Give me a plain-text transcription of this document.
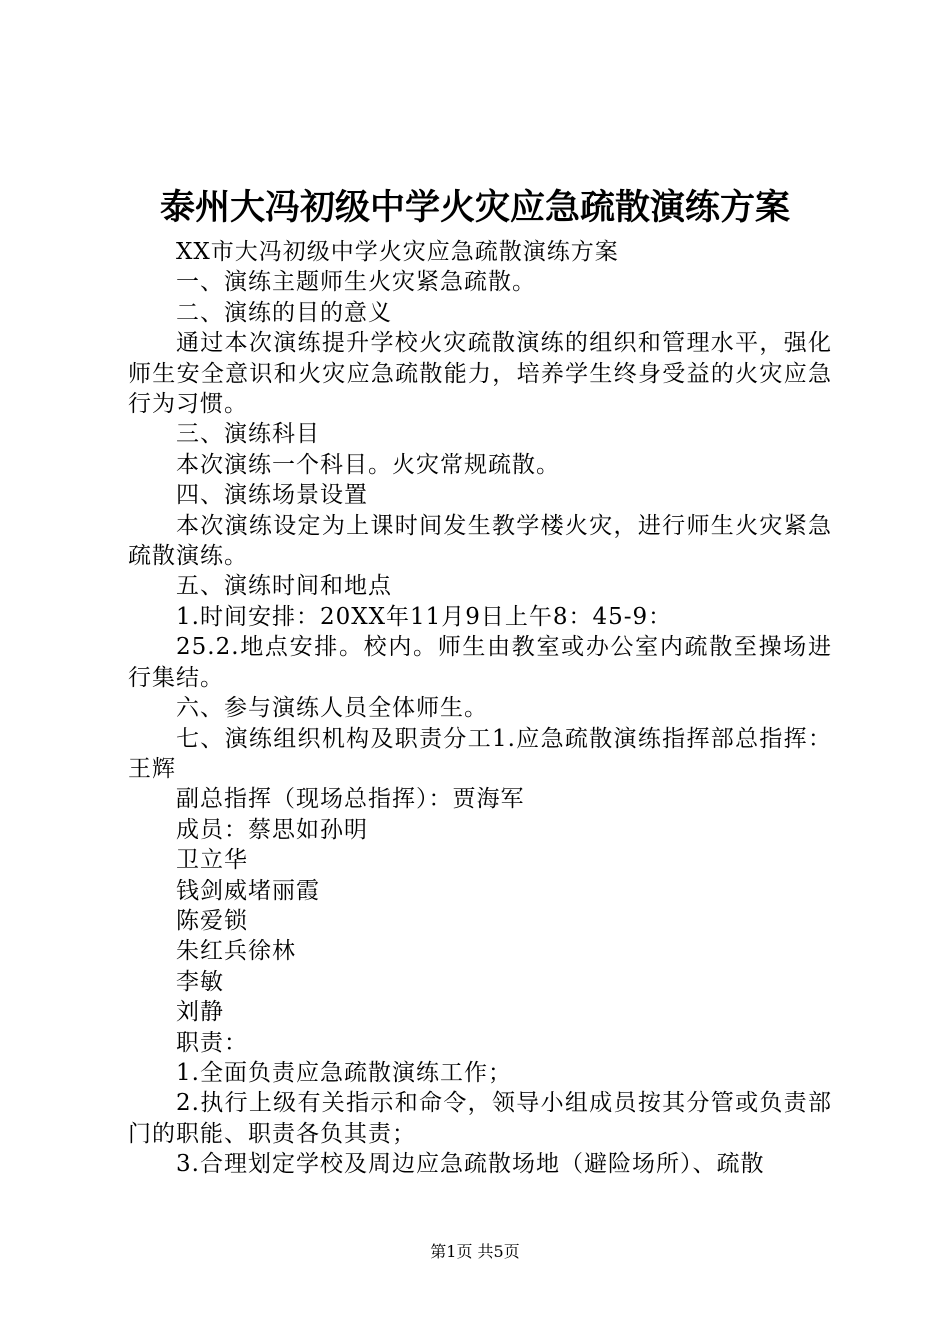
泰州大冯初级中学火灾应急疏散演练方案

XX市大冯初级中学火灾应急疏散演练方案

一、演练主题师生火灾紧急疏散。

二、演练的目的意义

通过本次演练提升学校火灾疏散演练的组织和管理水平，强化师生安全意识和火灾应急疏散能力，培养学生终身受益的火灾应急行为习惯。

三、演练科目

本次演练一个科目。火灾常规疏散。

四、演练场景设置

本次演练设定为上课时间发生教学楼火灾，进行师生火灾紧急疏散演练。

五、演练时间和地点

1.时间安排：20XX年11月9日上午8：45-9：

25.2.地点安排。校内。师生由教室或办公室内疏散至操场进行集结。

六、参与演练人员全体师生。

七、演练组织机构及职责分工1.应急疏散演练指挥部总指挥：王辉

副总指挥（现场总指挥）：贾海军

成员：蔡思如孙明

卫立华

钱剑威堵丽霞

陈爱锁

朱红兵徐林

李敏

刘静

职责：

1.全面负责应急疏散演练工作；

2.执行上级有关指示和命令，领导小组成员按其分管或负责部门的职能、职责各负其责；

3.合理划定学校及周边应急疏散场地（避险场所）、疏散

第1页 共5页
